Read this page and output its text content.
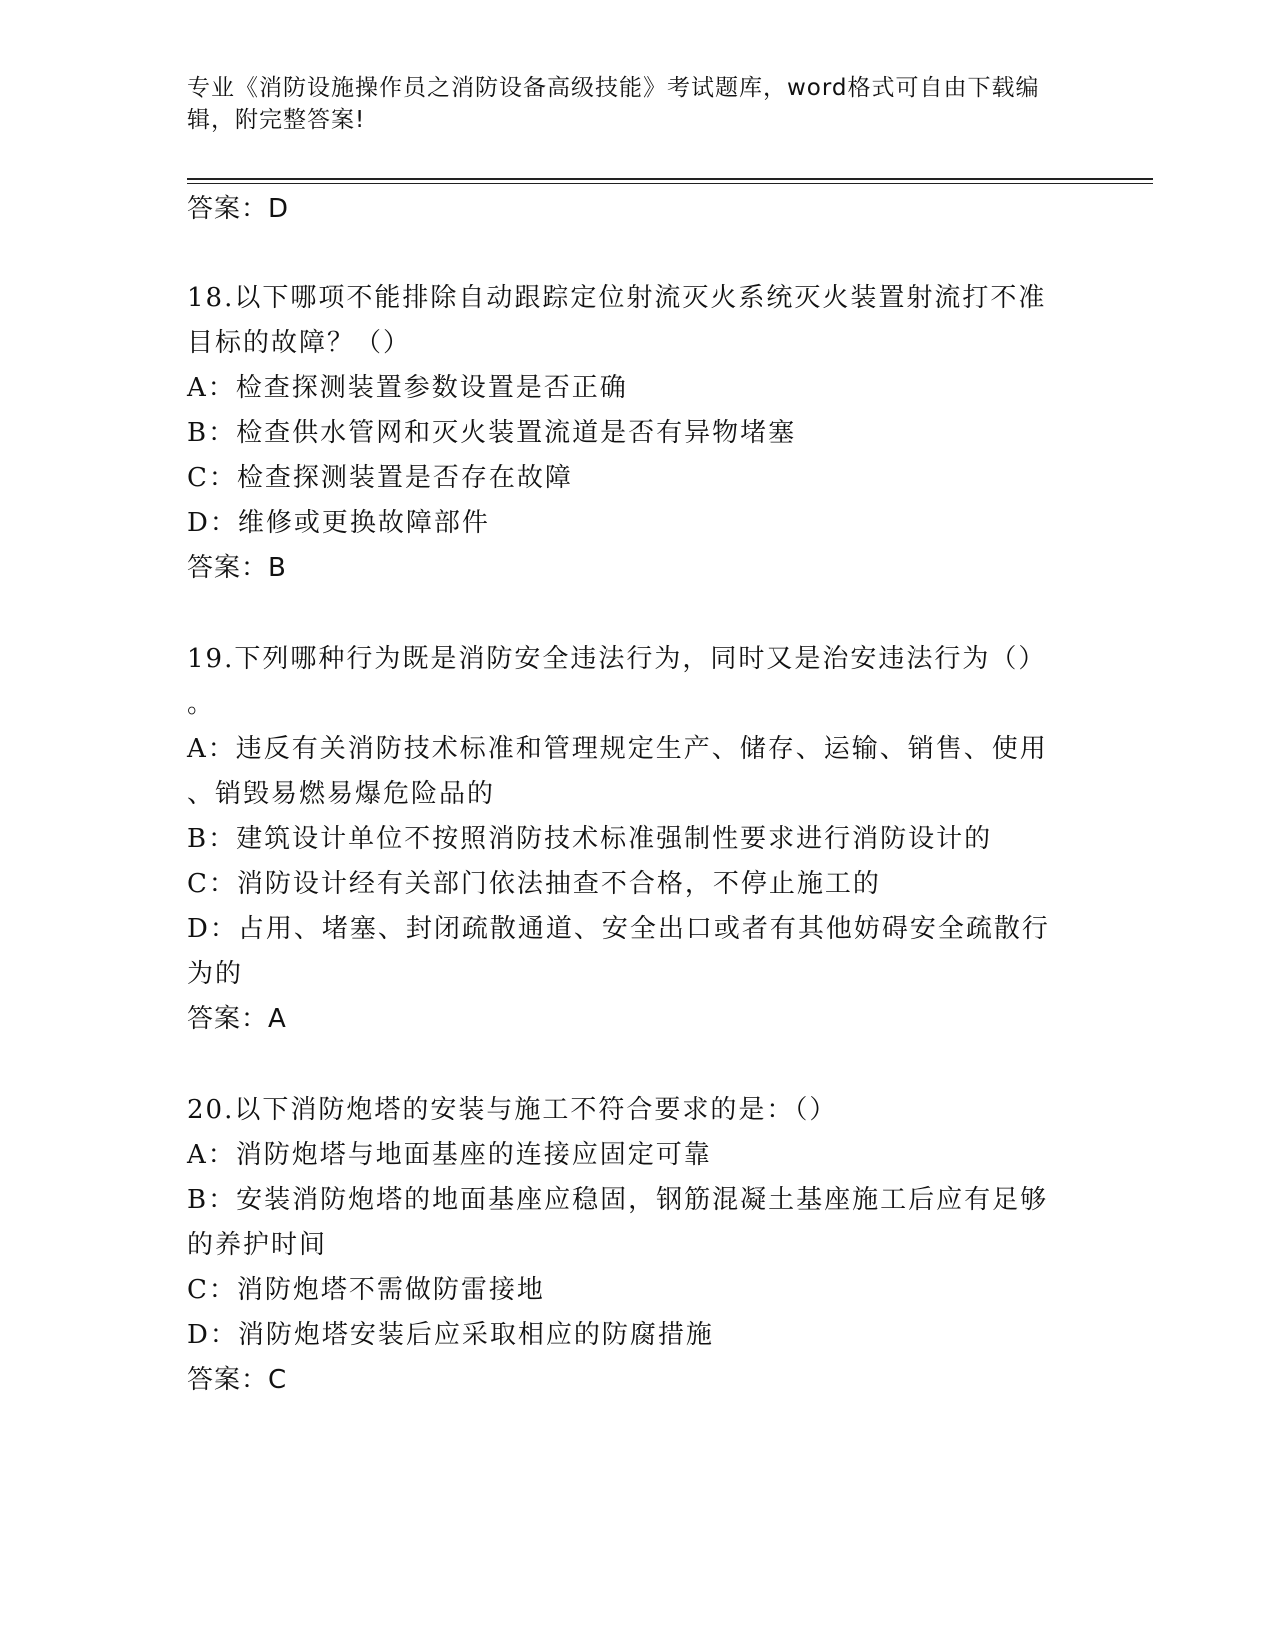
专业《消防设施操作员之消防设备高级技能》考试题库，word格式可自由下载编
辑，附完整答案!
答案：D
18.以下哪项不能排除自动跟踪定位射流灭火系统灭火装置射流打不准
目标的故障？（）
A：检查探测装置参数设置是否正确
B：检查供水管网和灭火装置流道是否有异物堵塞
C：检查探测装置是否存在故障
D：维修或更换故障部件
答案：B
19.下列哪种行为既是消防安全违法行为，同时又是治安违法行为（）
。
A：违反有关消防技术标准和管理规定生产、储存、运输、销售、使用
、销毁易燃易爆危险品的
B：建筑设计单位不按照消防技术标准强制性要求进行消防设计的
C：消防设计经有关部门依法抽查不合格，不停止施工的
D：占用、堵塞、封闭疏散通道、安全出口或者有其他妨碍安全疏散行
为的
答案：A
20.以下消防炮塔的安装与施工不符合要求的是：（）
A：消防炮塔与地面基座的连接应固定可靠
B：安装消防炮塔的地面基座应稳固，钢筋混凝土基座施工后应有足够
的养护时间
C：消防炮塔不需做防雷接地
D：消防炮塔安装后应采取相应的防腐措施
答案：C
